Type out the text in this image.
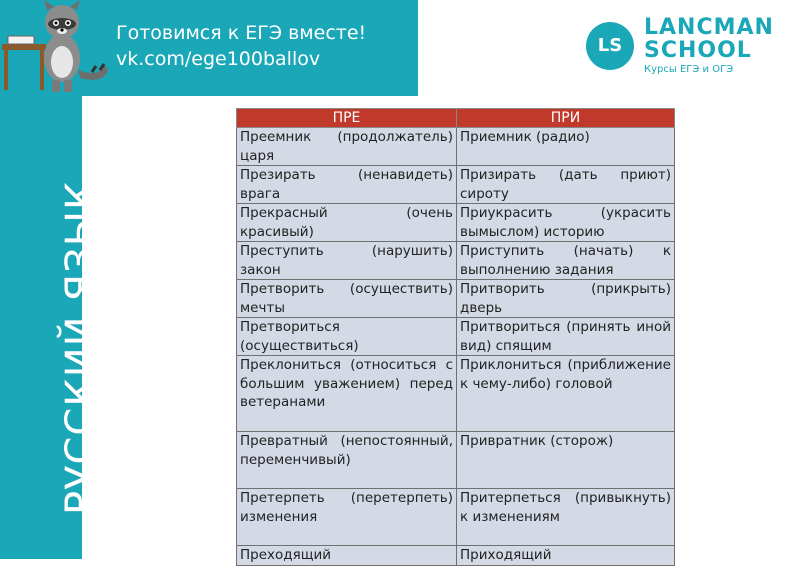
Готовимся к ЕГЭ вместе!
vk.com/ege100ballov
LS
LANCMAN
SCHOOL
Курсы ЕГЭ и ОГЭ
РУССКИЙ ЯЗЫК
ПРЕ	ПРИ
Преемник (продолжатель) царя	Приемник (радио)
Презирать (ненавидеть) врага	Призирать (дать приют) сироту
Прекрасный (очень красивый)	Приукрасить (украсить вымыслом) историю
Преступить (нарушить) закон	Приступить (начать) к выполнению задания
Претворить (осуществить) мечты	Притворить (прикрыть) дверь
Претвориться (осуществиться)	Притвориться (принять иной вид) спящим
Преклониться (относиться с большим уважением) перед ветеранами	Приклониться (приближение к чему-либо) головой
Превратный (непостоянный, переменчивый)	Привратник (сторож)
Претерпеть (перетерпеть) изменения	Притерпеться (привыкнуть) к изменениям
Преходящий	Приходящий
